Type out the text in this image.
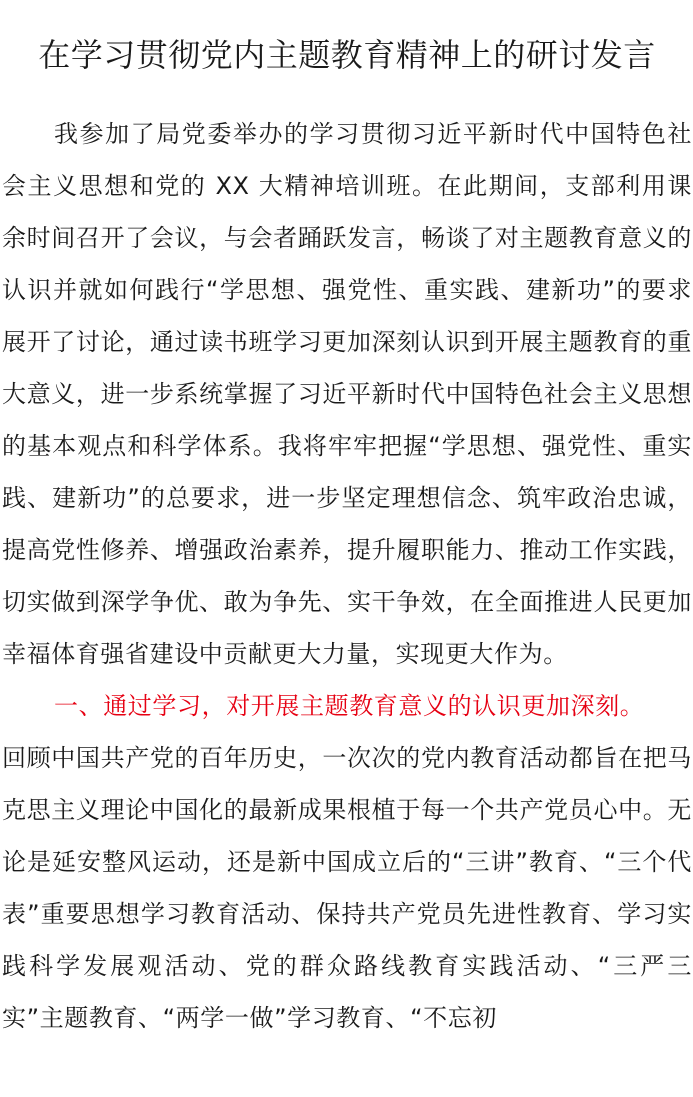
在学习贯彻党内主题教育精神上的研讨发言

我参加了局党委举办的学习贯彻习近平新时代中国特色社会主义思想和党的 XX 大精神培训班。在此期间，支部利用课余时间召开了会议，与会者踊跃发言，畅谈了对主题教育意义的认识并就如何践行“学思想、强党性、重实践、建新功”的要求展开了讨论，通过读书班学习更加深刻认识到开展主题教育的重大意义，进一步系统掌握了习近平新时代中国特色社会主义思想的基本观点和科学体系。我将牢牢把握“学思想、强党性、重实践、建新功”的总要求，进一步坚定理想信念、筑牢政治忠诚，提高党性修养、增强政治素养，提升履职能力、推动工作实践，切实做到深学争优、敢为争先、实干争效，在全面推进人民更加幸福体育强省建设中贡献更大力量，实现更大作为。

一、通过学习，对开展主题教育意义的认识更加深刻。

回顾中国共产党的百年历史，一次次的党内教育活动都旨在把马克思主义理论中国化的最新成果根植于每一个共产党员心中。无论是延安整风运动，还是新中国成立后的“三讲”教育、“三个代表”重要思想学习教育活动、保持共产党员先进性教育、学习实践科学发展观活动、党的群众路线教育实践活动、“三严三实”主题教育、“两学一做”学习教育、“不忘初
